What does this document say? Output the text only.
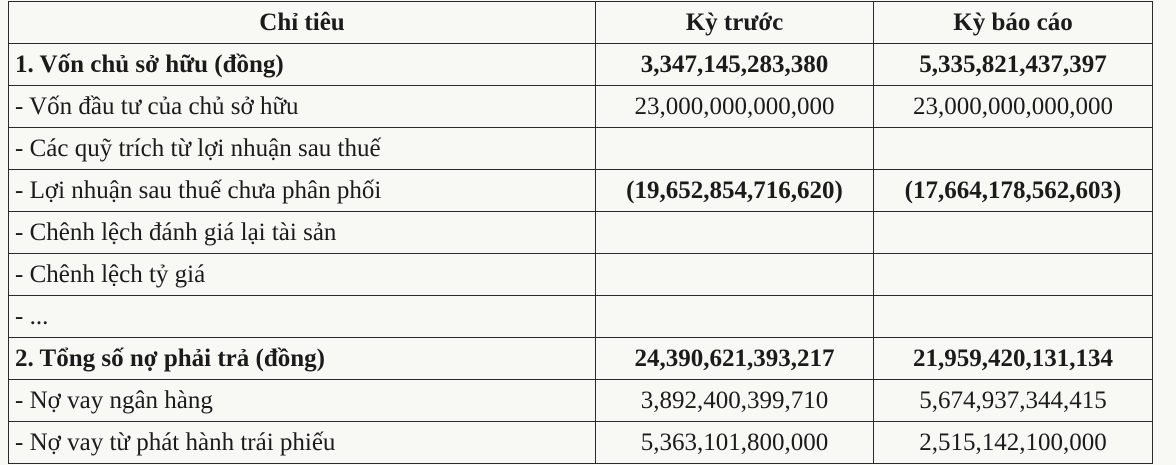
Chỉ tiêu	Kỳ trước	Kỳ báo cáo
1. Vốn chủ sở hữu (đồng)	3,347,145,283,380	5,335,821,437,397
- Vốn đầu tư của chủ sở hữu	23,000,000,000,000	23,000,000,000,000
- Các quỹ trích từ lợi nhuận sau thuế		
- Lợi nhuận sau thuế chưa phân phối	(19,652,854,716,620)	(17,664,178,562,603)
- Chênh lệch đánh giá lại tài sản		
- Chênh lệch tỷ giá		
- ...		
2. Tổng số nợ phải trả (đồng)	24,390,621,393,217	21,959,420,131,134
- Nợ vay ngân hàng	3,892,400,399,710	5,674,937,344,415
- Nợ vay từ phát hành trái phiếu	5,363,101,800,000	2,515,142,100,000
